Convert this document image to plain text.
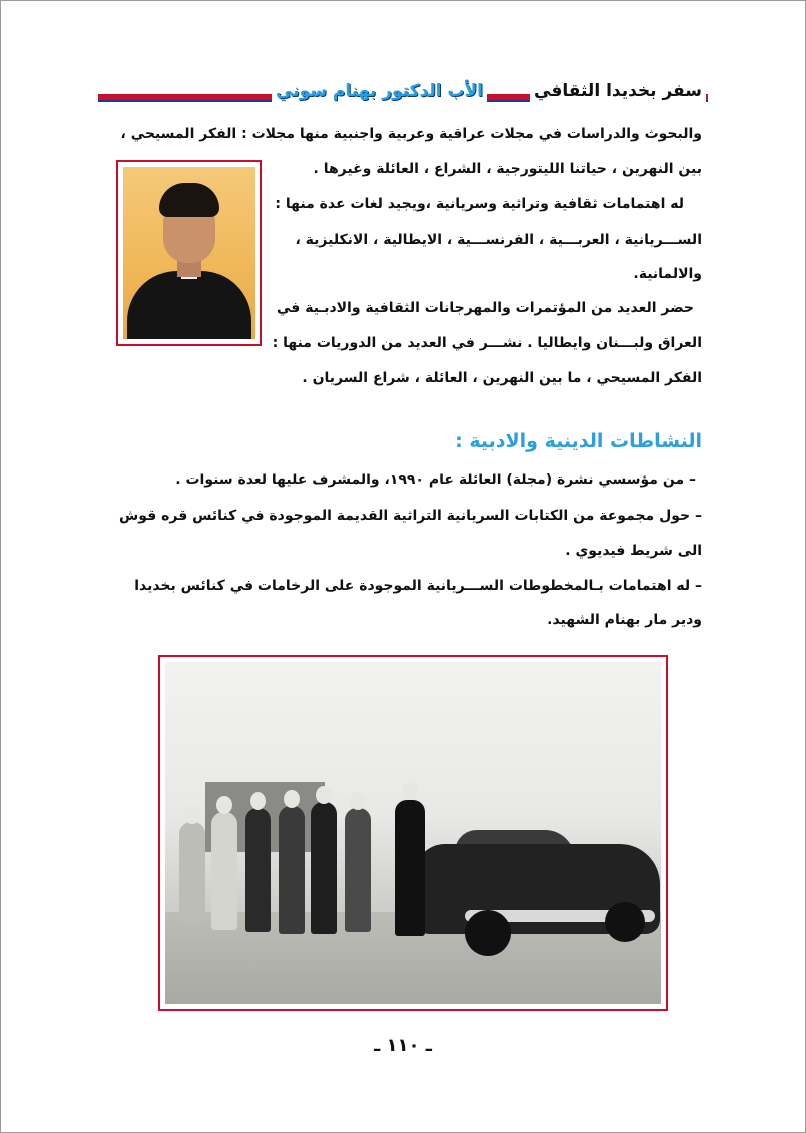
سفر بخديدا الثقافي
الأب الدكتور بهنام سوني
والبحوث والدراسات في مجلات عراقية وعربية واجنبية منها مجلات : الفكر المسيحي ،
بين النهرين ، حياتنا الليتورجية ، الشراع ، العائلة وغيرها .
له اهتمامات ثقافية وتراثية وسريانية ،ويجيد لغات عدة منها :
الســـريانية ، العربـــية ، الفرنســـية ، الايطالية ، الانكليزية ،
والالمانية.
حضر العديد من المؤتمرات والمهرجانات الثقافية والادبـية في
العراق ولبـــنان وايطاليا . نشـــر في العديد من الدوريات منها :
الفكر المسيحي ، ما بين النهرين ، العائلة ، شراع السريان .
النشاطات الدينية والادبية :
– من مؤسسي نشرة (مجلة) العائلة عام ١٩٩٠، والمشرف عليها لعدة سنوات .
– حول مجموعة من الكتابات السريانية التراثية القديمة الموجودة في كنائس قره قوش
الى شريط فيديوي .
– له اهتمامات بـالمخطوطات الســـريانية الموجودة على الرخامات في كنائس بخديدا
ودير مار بهنام الشهيد.
ـ ١١٠ ـ
